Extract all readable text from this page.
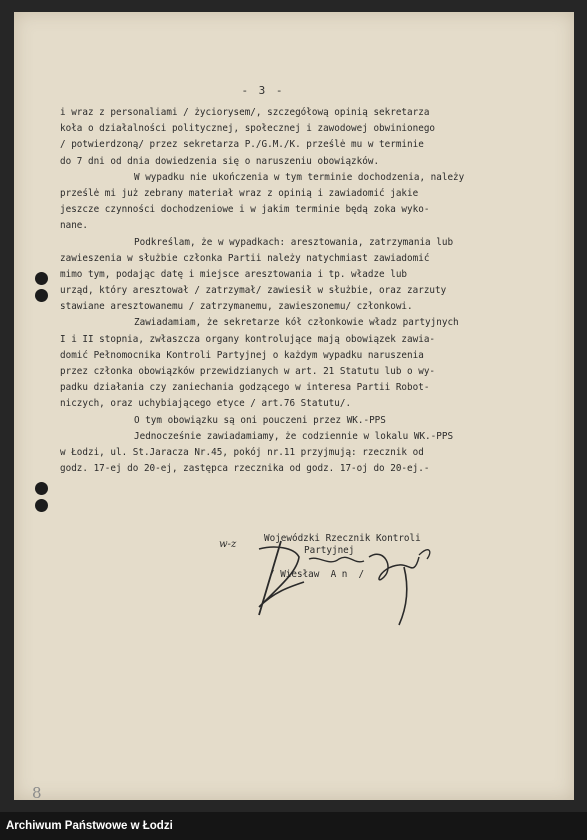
- 3 -
i wraz z personaliami / życiorysem/, szczegółową opinią sekretarza
koła o działalności politycznej, społecznej i zawodowej obwinionego
/ potwierdzoną/ przez sekretarza P./G.M./K. prześlė mu w terminie
do 7 dni od dnia dowiedzenia się o naruszeniu obowiązków.
W wypadku nie ukończenia w tym terminie dochodzenia, należy
prześlė mi już zebrany materiał wraz z opinią i zawiadomić jakie
jeszcze czynności dochodzeniowe i w jakim terminie będą zoka wyko-
nane.
Podkreślam, że w wypadkach: aresztowania, zatrzymania lub
zawieszenia w służbie członka Partii należy natychmiast zawiadomić
mimo tym, podając datę i miejsce aresztowania i tp. władze lub
urząd, który aresztował / zatrzymał/ zawiesił w służbie, oraz zarzuty
stawiane aresztowanemu / zatrzymanemu, zawieszonemu/ członkowi.
Zawiadamiam, że sekretarze kół członkowie władz partyjnych
I i II stopnia, zwłaszcza organy kontrolujące mają obowiązek zawia-
domić Pełnomocnika Kontroli Partyjnej o każdym wypadku naruszenia
przez członka obowiązków przewidzianych w art. 21 Statutu lub o wy-
padku działania czy zaniechania godzącego w interesa Partii Robot-
niczych, oraz uchybiającego etyce / art.76 Statutu/.
O tym obowiązku są oni pouczeni przez WK.-PPS
Jednocześnie zawiadamiamy, że codziennie w lokalu WK.-PPS
w Łodzi, ul. St.Jaracza Nr.45, pokój nr.11 przyjmują: rzecznik od
godz. 17-ej do 20-ej, zastępca rzecznika od godz. 17-oj do 20-ej.-
Wojewódzki Rzecznik Kontroli
Partyjnej

/ Wiesław  A n  /
w-z
8
Archiwum Państwowe w Łodzi
